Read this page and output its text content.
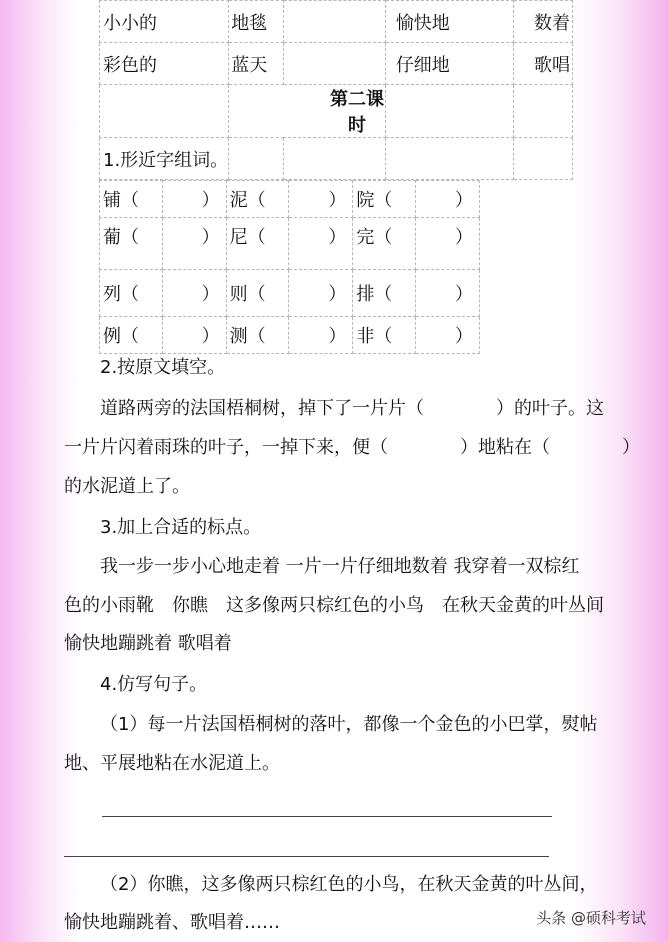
小小的	地毯		愉快地	数着
彩色的	蓝天		仔细地	歌唱
	第二课时			
1.形近字组词。				
铺（	）	泥（	）	院（	）
葡（	）	尼（	）	完（	）
列（	）	则（	）	排（	）
例（	）	测（	）	非（	）
2.按原文填空。
道路两旁的法国梧桐树，掉下了一片片（　　　　）的叶子。这
一片片闪着雨珠的叶子，一掉下来，便（　　　　）地粘在（　　　　）
的水泥道上了。
3.加上合适的标点。
我一步一步小心地走着 一片一片仔细地数着 我穿着一双棕红
色的小雨靴　你瞧　这多像两只棕红色的小鸟　在秋天金黄的叶丛间
愉快地蹦跳着 歌唱着
4.仿写句子。
（1）每一片法国梧桐树的落叶，都像一个金色的小巴掌，熨帖
地、平展地粘在水泥道上。
（2）你瞧，这多像两只棕红色的小鸟，在秋天金黄的叶丛间，
愉快地蹦跳着、歌唱着……	头条 @硕科考试
